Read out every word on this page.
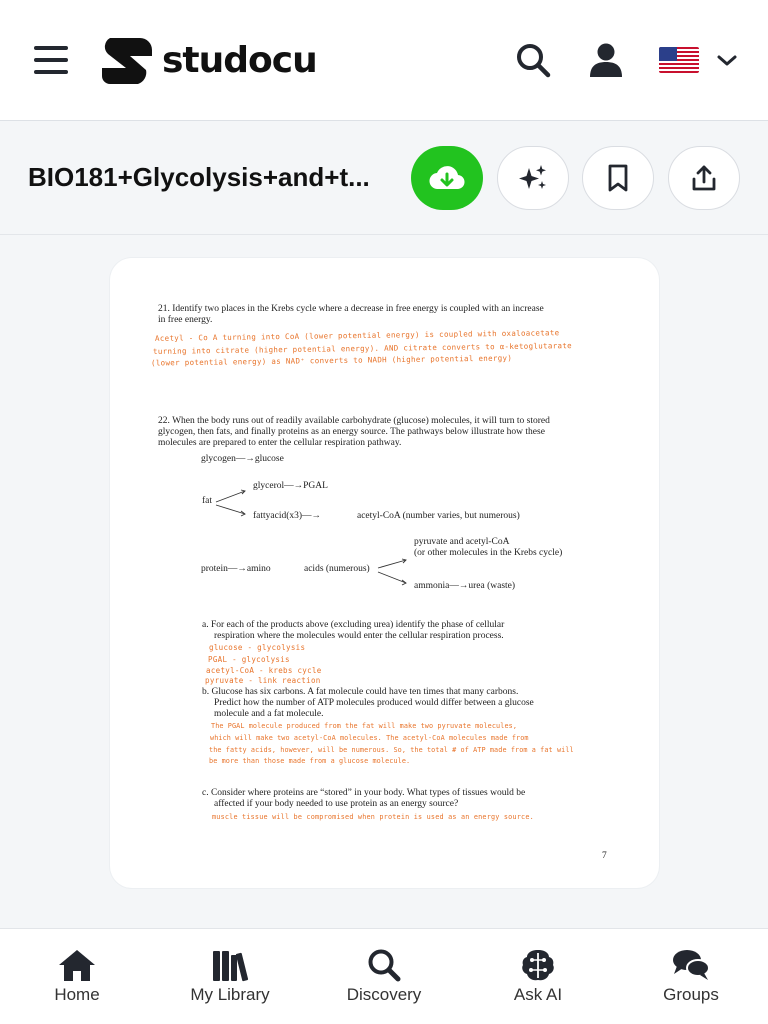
studocu
BIO181+Glycolysis+and+t...
21. Identify two places in the Krebs cycle where a decrease in free energy is coupled with an increase
in free energy.
Acetyl - Co A turning into CoA (lower potential energy) is coupled with oxaloacetate
turning into citrate (higher potential energy). AND citrate converts to α-ketoglutarate
(lower potential energy) as NAD⁺ converts to NADH (higher potential energy)
22. When the body runs out of readily available carbohydrate (glucose) molecules, it will turn to stored
glycogen, then fats, and finally proteins as an energy source. The pathways below illustrate how these
molecules are prepared to enter the cellular respiration pathway.
glycogen—→glucose
glycerol—→PGAL
fat
fattyacid(x3)—→	acetyl-CoA (number varies, but numerous)
pyruvate and acetyl-CoA
(or other molecules in the Krebs cycle)
protein—→amino	acids (numerous)
ammonia—→urea (waste)
a. For each of the products above (excluding urea) identify the phase of cellular
respiration where the molecules would enter the cellular respiration process.
glucose - glycolysis
PGAL - glycolysis
acetyl-CoA - krebs cycle
pyruvate - link reaction
b. Glucose has six carbons. A fat molecule could have ten times that many carbons.
Predict how the number of ATP molecules produced would differ between a glucose
molecule and a fat molecule.
The PGAL molecule produced from the fat will make two pyruvate molecules,
which will make two acetyl-CoA molecules. The acetyl-CoA molecules made from
the fatty acids, however, will be numerous. So, the total # of ATP made from a fat will
be more than those made from a glucose molecule.
c. Consider where proteins are “stored” in your body. What types of tissues would be
affected if your body needed to use protein as an energy source?
muscle tissue will be compromised when protein is used as an energy source.
7
Home	My Library	Discovery	Ask AI	Groups
